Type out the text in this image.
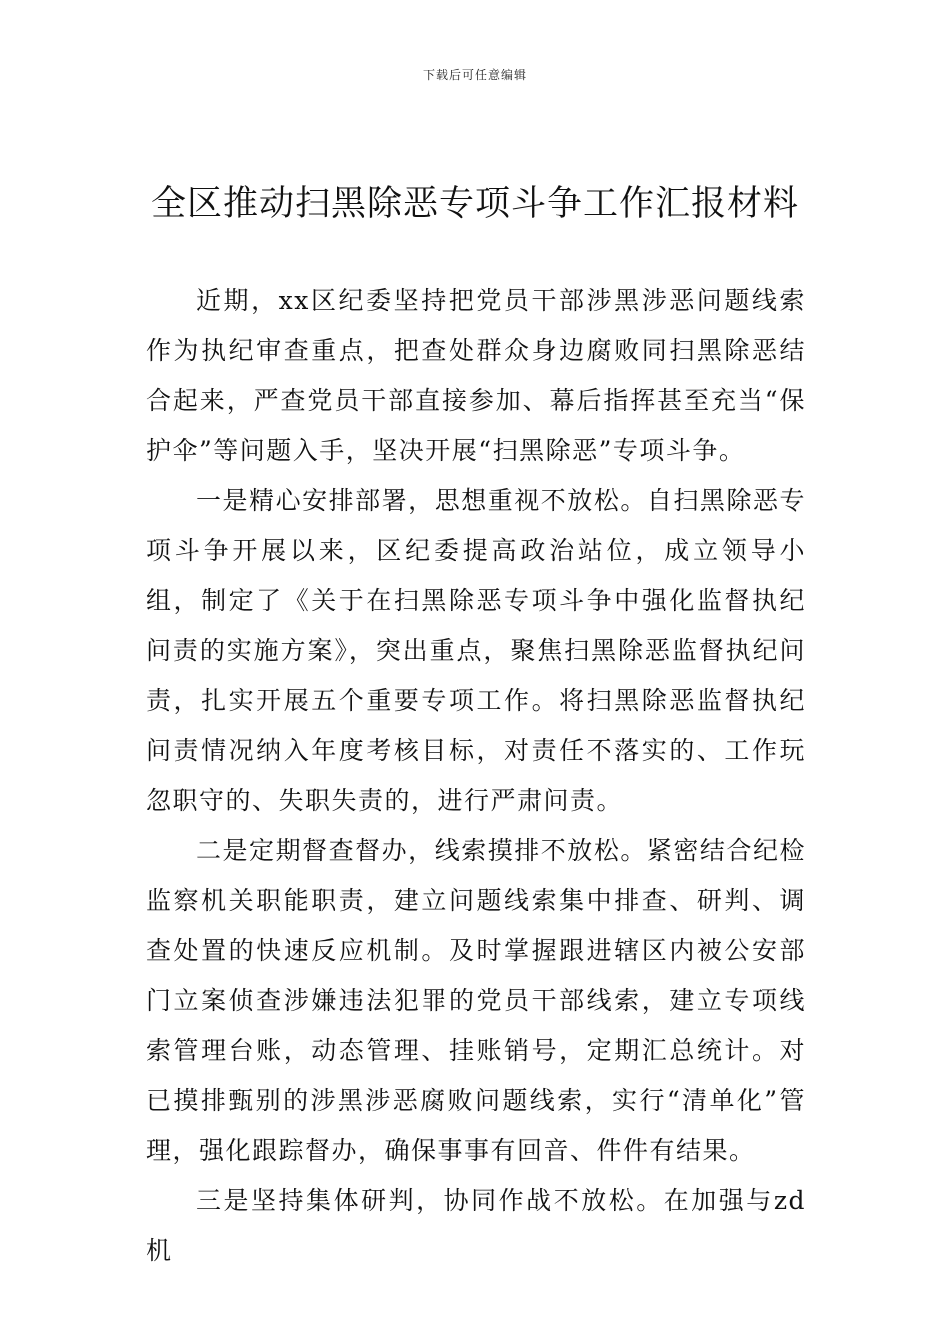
下载后可任意编辑
全区推动扫黑除恶专项斗争工作汇报材料

近期，xx区纪委坚持把党员干部涉黑涉恶问题线索作为执纪审查重点，把查处群众身边腐败同扫黑除恶结合起来，严查党员干部直接参加、幕后指挥甚至充当“保护伞”等问题入手，坚决开展“扫黑除恶”专项斗争。

一是精心安排部署，思想重视不放松。自扫黑除恶专项斗争开展以来，区纪委提高政治站位，成立领导小组，制定了《关于在扫黑除恶专项斗争中强化监督执纪问责的实施方案》，突出重点，聚焦扫黑除恶监督执纪问责，扎实开展五个重要专项工作。将扫黑除恶监督执纪问责情况纳入年度考核目标，对责任不落实的、工作玩忽职守的、失职失责的，进行严肃问责。

二是定期督查督办，线索摸排不放松。紧密结合纪检监察机关职能职责，建立问题线索集中排查、研判、调查处置的快速反应机制。及时掌握跟进辖区内被公安部门立案侦查涉嫌违法犯罪的党员干部线索，建立专项线索管理台账，动态管理、挂账销号，定期汇总统计。对已摸排甄别的涉黑涉恶腐败问题线索，实行“清单化”管理，强化跟踪督办，确保事事有回音、件件有结果。

三是坚持集体研判，协同作战不放松。在加强与zd机
